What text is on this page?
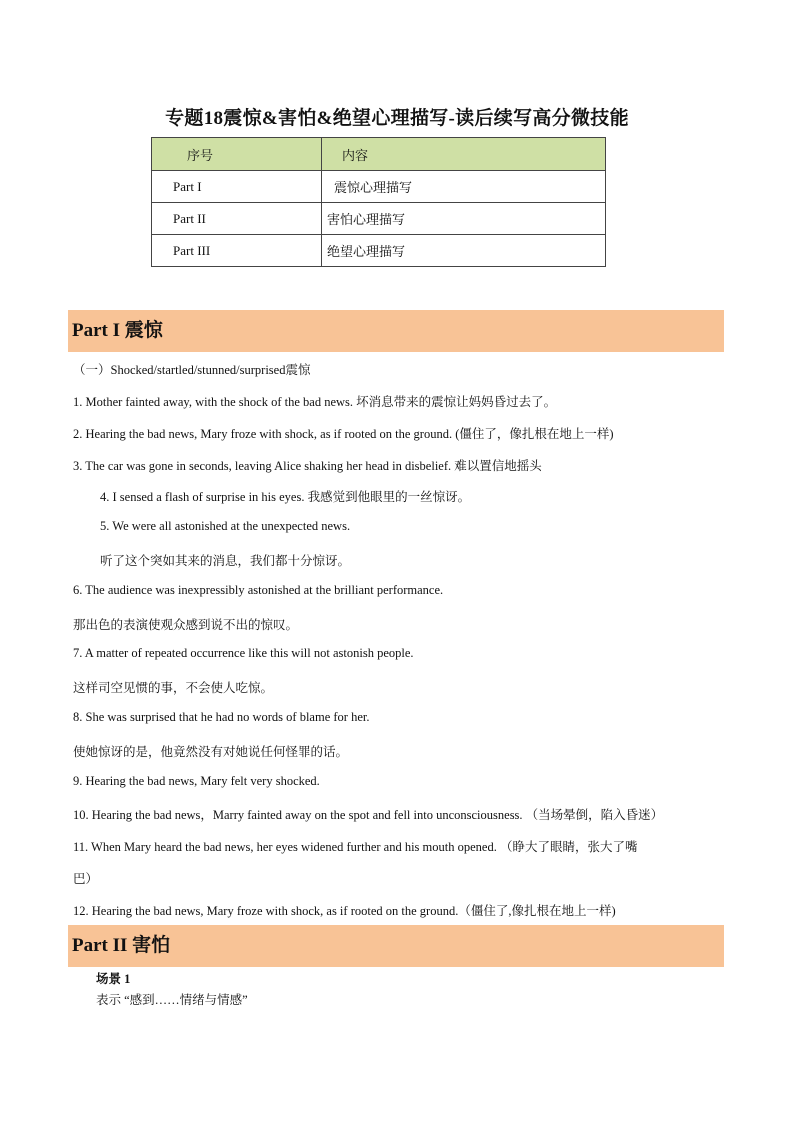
专题18震惊&害怕&绝望心理描写-读后续写高分微技能
序号	内容
Part I	震惊心理描写
Part II	害怕心理描写
Part III	绝望心理描写
Part I 震惊
（一）Shocked/startled/stunned/surprised震惊
1. Mother fainted away, with the shock of the bad news. 坏消息带来的震惊让妈妈昏过去了。
2. Hearing the bad news, Mary froze with shock, as if rooted on the ground. (僵住了，像扎根在地上一样)
3. The car was gone in seconds, leaving Alice shaking her head in disbelief. 难以置信地摇头
4. I sensed a flash of surprise in his eyes. 我感觉到他眼里的一丝惊讶。
5. We were all astonished at the unexpected news.
听了这个突如其来的消息，我们都十分惊讶。
6. The audience was inexpressibly astonished at the brilliant performance.
那出色的表演使观众感到说不出的惊叹。
7. A matter of repeated occurrence like this will not astonish people.
这样司空见惯的事，不会使人吃惊。
8. She was surprised that he had no words of blame for her.
使她惊讶的是，他竟然没有对她说任何怪罪的话。
9. Hearing the bad news, Mary felt very shocked.
10. Hearing the bad news，Marry fainted away on the spot and fell into unconsciousness. （当场晕倒，陷入昏迷）
11. When Mary heard the bad news, her eyes widened further and his mouth opened. （睁大了眼睛，张大了嘴
巴）
12. Hearing the bad news, Mary froze with shock, as if rooted on the ground.（僵住了,像扎根在地上一样)
Part II 害怕
场景 1
表示 “感到……情绪与情感”
